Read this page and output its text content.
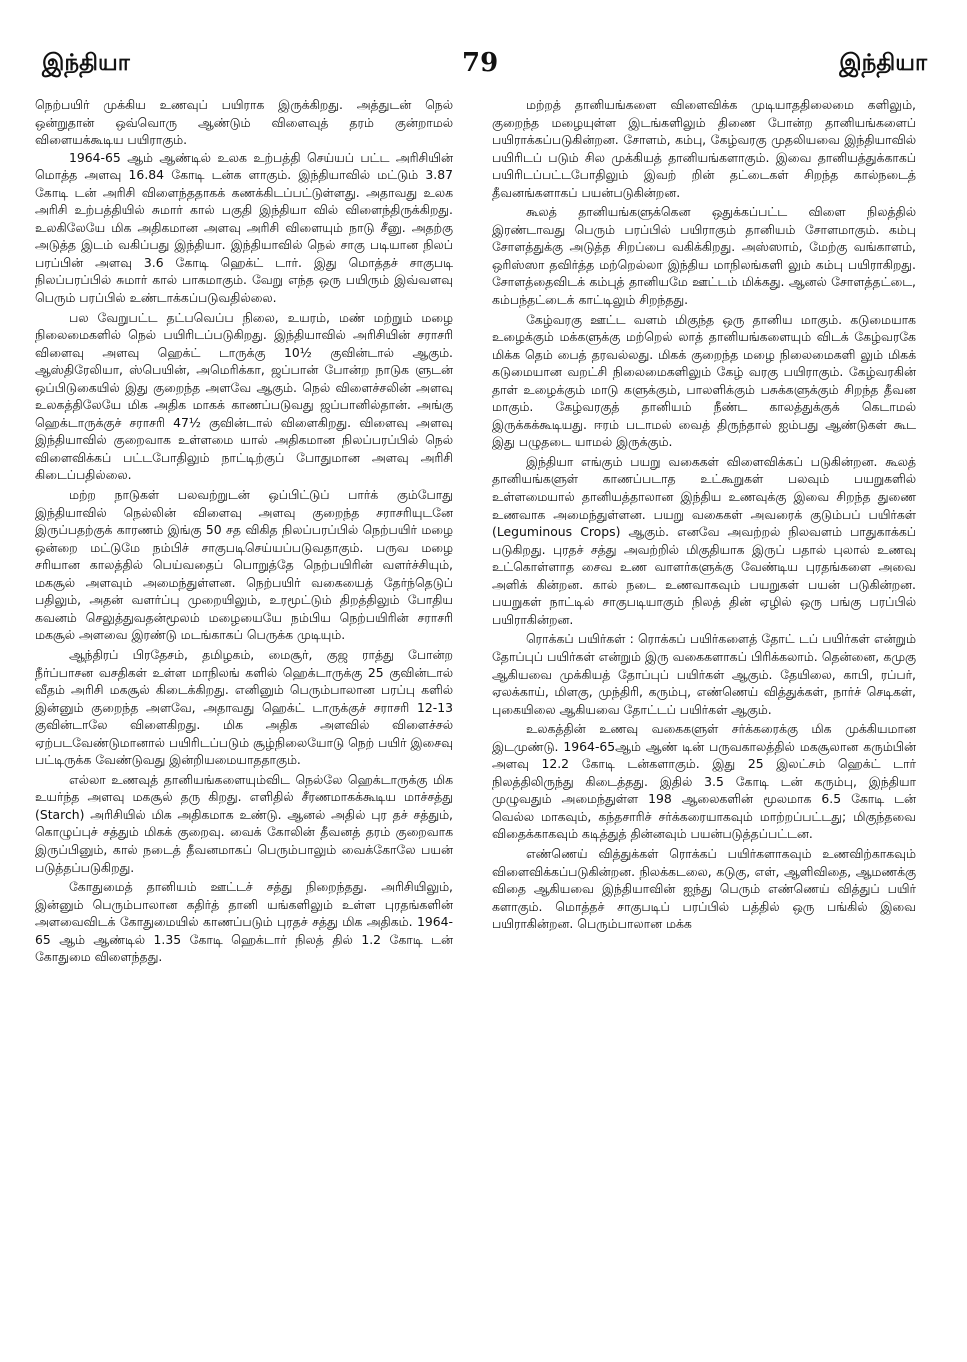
இந்தியா	79	இந்தியா

நெற்பயிர் முக்கிய உணவுப் பயிராக இருக்கிறது. அத்துடன் நெல் ஒன்றுதான் ஒவ்வொரு ஆண்டும் விளைவுத் தரம் குன்றாமல் விளையக்கூடிய பயிராகும்.

1964-65 ஆம் ஆண்டில் உலக உற்பத்தி செய்யப் பட்ட அரிசியின் மொத்த அளவு 16.84 கோடி டன்க ளாகும். இந்தியாவில் மட்டும் 3.87 கோடி டன் அரிசி விளைந்ததாகக் கணக்கிடப்பட்டுள்ளது. அதாவது உலக அரிசி உற்பத்தியில் சுமார் கால் பகுதி இந்தியா வில் விளைந்திருக்கிறது. உலகிலேயே மிக அதிகமான அளவு அரிசி விளையும் நாடு சீனு. அதற்கு அடுத்த இடம் வகிப்பது இந்தியா. இந்தியாவில் நெல் சாகு படியான நிலப் பரப்பின் அளவு 3.6 கோடி ஹெக்ட் டார். இது மொத்தச் சாகுபடி நிலப்பரப்பில் சுமார் கால் பாகமாகும். வேறு எந்த ஒரு பயிரும் இவ்வளவு பெரும் பரப்பில் உண்டாக்கப்படுவதில்லை.

பல வேறுபட்ட தட்பவெப்ப நிலை, உயரம், மண் மற்றும் மழை நிலைமைகளில் நெல் பயிரிடப்படுகிறது. இந்தியாவில் அரிசியின் சராசரி விளைவு அளவு ஹெக்ட் டாருக்கு 10½ குவின்டால் ஆகும். ஆஸ்திரேலியா, ஸ்பெயின், அமெரிக்கா, ஜப்பான் போன்ற நாடுக ளுடன் ஒப்பிடுகையில் இது குறைந்த அளவே ஆகும். நெல் விளைச்சலின் அளவு உலகத்திலேயே மிக அதிக மாகக் காணப்படுவது ஜப்பானில்தான். அங்கு ஹெக்டாருக்குச் சராசரி 47½ குவின்டால் விளைகிறது. விளைவு அளவு இந்தியாவில் குறைவாக உள்ளமை யால் அதிகமான நிலப்பரப்பில் நெல் விளைவிக்கப் பட்டபோதிலும் நாட்டிற்குப் போதுமான அளவு அரிசி கிடைப்பதில்லை.

மற்ற நாடுகள் பலவற்றுடன் ஒப்பிட்டுப் பார்க் கும்போது இந்தியாவில் நெல்லின் விளைவு அளவு குறைந்த சராசரியுடனே இருப்பதற்குக் காரணம் இங்கு 50 சத விகித நிலப்பரப்பில் நெற்பயிர் மழை ஒன்றை மட்டுமே நம்பிச் சாகுபடிசெய்யப்படுவதாகும். பருவ மழை சரியான காலத்தில் பெய்வதைப் பொறுத்தே நெற்பயிரின் வளர்ச்சியும், மகசூல் அளவும் அமைந்துள்ளன. நெற்பயிர் வகையைத் தேர்ந்தெடுப் பதிலும், அதன் வளர்ப்பு முறையிலும், உரமூட்டும் திறத்திலும் போதிய கவனம் செலுத்துவதன்மூலம் மழையையே நம்பிய நெற்பயிரின் சராசரி மகசூல் அளவை இரண்டு மடங்காகப் பெருக்க முடியும்.

ஆந்திரப் பிரதேசம், தமிழகம், மைசூர், குஜ ராத்து போன்ற நீர்ப்பாசன வசதிகள் உள்ள மாநிலங் களில் ஹெக்டாருக்கு 25 குவின்டால் வீதம் அரிசி மகசூல் கிடைக்கிறது. எனினும் பெரும்பாலான பரப்பு களில் இன்னும் குறைந்த அளவே, அதாவது ஹெக்ட் டாருக்குச் சராசரி 12-13 குவின்டாலே விளைகிறது. மிக அதிக அளவில் விளைச்சல் ஏற்படவேண்டுமானால் பயிரிடப்படும் சூழ்நிலையோடு நெற் பயிர் இசைவு பட்டிருக்க வேண்டுவது இன்றியமையாததாகும்.

எல்லா உணவுத் தானியங்களையும்விட நெல்லே ஹெக்டாருக்கு மிக உயர்ந்த அளவு மகசூல் தரு கிறது. எளிதில் சீரணமாகக்கூடிய மாச்சத்து (Starch) அரிசியில் மிக அதிகமாக உண்டு. ஆனல் அதில் புர தச் சத்தும், கொழுப்புச் சத்தும் மிகக் குறைவு. வைக் கோலின் தீவனத் தரம் குறைவாக இருப்பினும், கால் நடைத் தீவனமாகப் பெரும்பாலும் வைக்கோலே பயன் படுத்தப்படுகிறது.

கோதுமைத் தானியம் ஊட்டச் சத்து நிறைந்தது. அரிசியிலும், இன்னும் பெரும்பாலான கதிர்த் தானி யங்களிலும் உள்ள புரதங்களின் அளவைவிடக் கோதுமையில் காணப்படும் புரதச் சத்து மிக அதிகம். 1964-65 ஆம் ஆண்டில் 1.35 கோடி ஹெக்டார் நிலத் தில் 1.2 கோடி டன் கோதுமை விளைந்தது.

மற்றத் தானியங்களை விளைவிக்க முடியாததிலைமை களிலும், குறைந்த மழையுள்ள இடங்களிலும் திணை போன்ற தானியங்களைப் பயிராக்கப்படுகின்றன. சோளம், கம்பு, கேழ்வரகு முதலியவை இந்தியாவில் பயிரிடப் படும் சில முக்கியத் தானியங்களாகும். இவை தானியத்துக்காகப் பயிரிடப்பட்டபோதிலும் இவற் றின் தட்டைகள் சிறந்த கால்நடைத் தீவனங்களாகப் பயன்படுகின்றன.

கூலத் தானியங்களுக்கென ஒதுக்கப்பட்ட விளை நிலத்தில் இரண்டாவது பெரும் பரப்பில் பயிராகும் தானியம் சோளமாகும். கம்பு சோளத்துக்கு அடுத்த சிறப்பை வகிக்கிறது. அஸ்ஸாம், மேற்கு வங்காளம், ஒரிஸ்ஸா தவிர்த்த மற்றெல்லா இந்திய மாநிலங்களி லும் கம்பு பயிராகிறது. சோளத்தைவிடக் கம்புத் தானியமே ஊட்டம் மிக்கது. ஆனல் சோளத்தட்டை, கம்பந்தட்டைக் காட்டிலும் சிறந்தது.

கேழ்வரகு ஊட்ட வளம் மிகுந்த ஒரு தானிய மாகும். கடுமையாக உழைக்கும் மக்களுக்கு மற்றெல் லாத் தானியங்களையும் விடக் கேழ்வரகே மிக்க தெம் பைத் தரவல்லது. மிகக் குறைந்த மழை நிலைமைகளி லும் மிகக் கடுமையான வறட்சி நிலைமைகளிலும் கேழ் வரகு பயிராகும். கேழ்வரகின் தாள் உழைக்கும் மாடு களுக்கும், பாலளிக்கும் பசுக்களுக்கும் சிறந்த தீவன மாகும். கேழ்வரகுத் தானியம் நீண்ட காலத்துக்குக் கெடாமல் இருக்கக்கூடியது. ஈரம் படாமல் வைத் திருந்தால் ஐம்பது ஆண்டுகள் கூட இது பழுதடை யாமல் இருக்கும்.

இந்தியா எங்கும் பயறு வகைகள் விளைவிக்கப் படுகின்றன. கூலத் தானியங்களுள் காணப்படாத உட்கூறுகள் பலவும் பயறுகளில் உள்ளமையால் தானியத்தாலான இந்திய உணவுக்கு இவை சிறந்த துணை உணவாக அமைந்துள்ளன. பயறு வகைகள் அவரைக் குடும்பப் பயிர்கள் (Leguminous Crops) ஆகும். எனவே அவற்றல் நிலவளம் பாதுகாக்கப் படுகிறது. புரதச் சத்து அவற்றில் மிகுதியாக இருப் பதால் புலால் உணவு உட்கொள்ளாத சைவ உண வாளர்களுக்கு வேண்டிய புரதங்களை அவை அளிக் கின்றன. கால் நடை உணவாகவும் பயறுகள் பயன் படுகின்றன. பயறுகள் நாட்டில் சாகுபடியாகும் நிலத் தின் ஏழில் ஒரு பங்கு பரப்பில் பயிராகின்றன.

ரொக்கப் பயிர்கள் : ரொக்கப் பயிர்களைத் தோட் டப் பயிர்கள் என்றும் தோப்புப் பயிர்கள் என்றும் இரு வகைகளாகப் பிரிக்கலாம். தென்னை, கமுகு ஆகியவை முக்கியத் தோப்புப் பயிர்கள் ஆகும். தேயிலை, காபி, ரப்பர், ஏலக்காய், மிளகு, முந்திரி, கரும்பு, எண்ணெய் வித்துக்கள், நார்ச் செடிகள், புகையிலை ஆகியவை தோட்டப் பயிர்கள் ஆகும்.

உலகத்தின் உணவு வகைகளுள் சர்க்கரைக்கு மிக முக்கியமான இடமுண்டு. 1964-65ஆம் ஆண் டின் பருவகாலத்தில் மகசூலான கரும்பின் அளவு 12.2 கோடி டன்களாகும். இது 25 இலட்சம் ஹெக்ட் டார் நிலத்திலிருந்து கிடைத்தது. இதில் 3.5 கோடி டன் கரும்பு, இந்தியா முழுவதும் அமைந்துள்ள 198 ஆலைகளின் மூலமாக 6.5 கோடி டன் வெல்ல மாகவும், கந்தசாரிச் சர்க்கரையாகவும் மாற்றப்பட்டது; மிகுந்தவை விதைக்காகவும் கடித்துத் தின்னவும் பயன்படுத்தப்பட்டன.

எண்ணெய் வித்துக்கள் ரொக்கப் பயிர்களாகவும் உணவிற்காகவும் விளைவிக்கப்படுகின்றன. நிலக்கடலை, கடுகு, எள், ஆளிவிதை, ஆமணக்கு விதை ஆகியவை இந்தியாவின் ஐந்து பெரும் எண்ணெய் வித்துப் பயிர் களாகும். மொத்தச் சாகுபடிப் பரப்பில் பத்தில் ஒரு பங்கில் இவை பயிராகின்றன. பெரும்பாலான மக்க
